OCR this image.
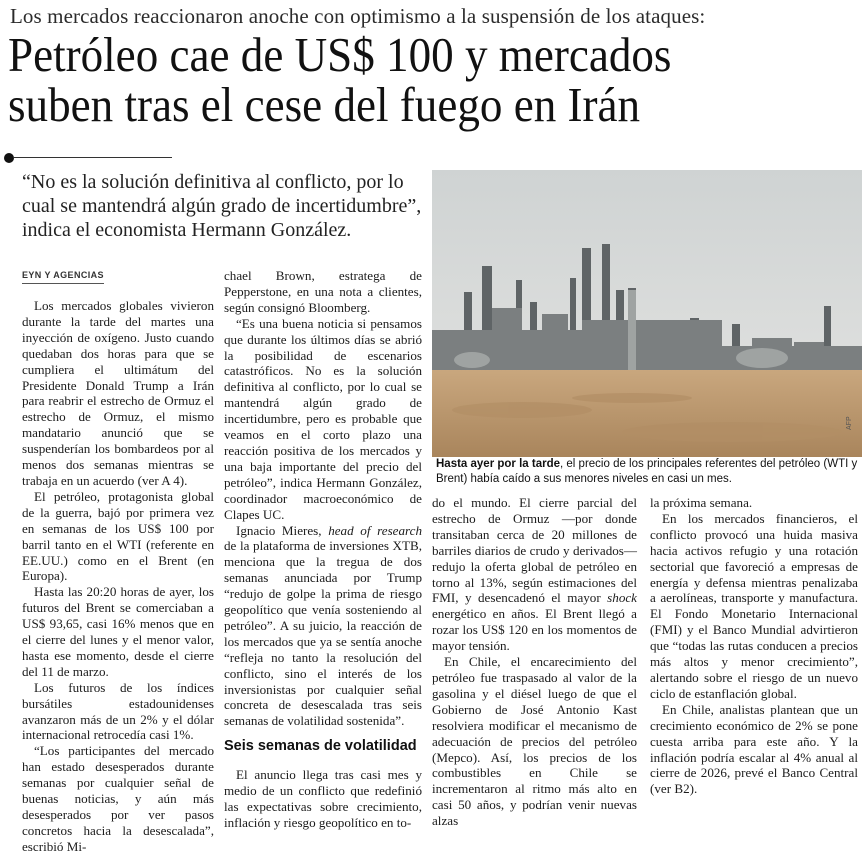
Los mercados reaccionaron anoche con optimismo a la suspensión de los ataques:
Petróleo cae de US$ 100 y mercados
suben tras el cese del fuego en Irán
“No es la solución definitiva al conflicto, por lo cual se mantendrá algún grado de incertidumbre”, indica el economista Hermann González.
EYN Y AGENCIAS

Los mercados globales vivieron durante la tarde del martes una inyección de oxígeno. Justo cuando quedaban dos horas para que se cumpliera el ultimátum del Presidente Donald Trump a Irán para reabrir el estrecho de Ormuz el estrecho de Ormuz, el mismo mandatario anunció que se suspenderían los bombardeos por al menos dos semanas mientras se trabaja en un acuerdo (ver A 4).

El petróleo, protagonista global de la guerra, bajó por primera vez en semanas de los US$ 100 por barril tanto en el WTI (referente en EE.UU.) como en el Brent (en Europa).

Hasta las 20:20 horas de ayer, los futuros del Brent se comerciaban a US$ 93,65, casi 16% menos que en el cierre del lunes y el menor valor, hasta ese momento, desde el cierre del 11 de marzo.

Los futuros de los índices bursátiles estadounidenses avanzaron más de un 2% y el dólar internacional retrocedía casi 1%.

“Los participantes del mercado han estado desesperados durante semanas por cualquier señal de buenas noticias, y aún más desesperados por ver pasos concretos hacia la desescalada”, escribió Mi-

chael Brown, estratega de Pepperstone, en una nota a clientes, según consignó Bloomberg.

“Es una buena noticia si pensamos que durante los últimos días se abrió la posibilidad de escenarios catastróficos. No es la solución definitiva al conflicto, por lo cual se mantendrá algún grado de incertidumbre, pero es probable que veamos en el corto plazo una reacción positiva de los mercados y una baja importante del precio del petróleo”, indica Hermann González, coordinador macroeconómico de Clapes UC.

Ignacio Mieres, head of research de la plataforma de inversiones XTB, menciona que la tregua de dos semanas anunciada por Trump “redujo de golpe la prima de riesgo geopolítico que venía sosteniendo al petróleo”. A su juicio, la reacción de los mercados que ya se sentía anoche “refleja no tanto la resolución del conflicto, sino el interés de los inversionistas por cualquier señal concreta de desescalada tras seis semanas de volatilidad sostenida”.

Seis semanas de volatilidad

El anuncio llega tras casi mes y medio de un conflicto que redefinió las expectativas sobre crecimiento, inflación y riesgo geopolítico en to-

AFP
Hasta ayer por la tarde, el precio de los principales referentes del petróleo (WTI y Brent) había caído a sus menores niveles en casi un mes.

do el mundo. El cierre parcial del estrecho de Ormuz —por donde transitaban cerca de 20 millones de barriles diarios de crudo y derivados— redujo la oferta global de petróleo en torno al 13%, según estimaciones del FMI, y desencadenó el mayor shock energético en años. El Brent llegó a rozar los US$ 120 en los momentos de mayor tensión.

En Chile, el encarecimiento del petróleo fue traspasado al valor de la gasolina y el diésel luego de que el Gobierno de José Antonio Kast resolviera modificar el mecanismo de adecuación de precios del petróleo (Mepco). Así, los precios de los combustibles en Chile se incrementaron al ritmo más alto en casi 50 años, y podrían venir nuevas alzas

la próxima semana.

En los mercados financieros, el conflicto provocó una huida masiva hacia activos refugio y una rotación sectorial que favoreció a empresas de energía y defensa mientras penalizaba a aerolíneas, transporte y manufactura. El Fondo Monetario Internacional (FMI) y el Banco Mundial advirtieron que “todas las rutas conducen a precios más altos y menor crecimiento”, alertando sobre el riesgo de un nuevo ciclo de estanflación global.

En Chile, analistas plantean que un crecimiento económico de 2% se pone cuesta arriba para este año. Y la inflación podría escalar al 4% anual al cierre de 2026, prevé el Banco Central (ver B2).
